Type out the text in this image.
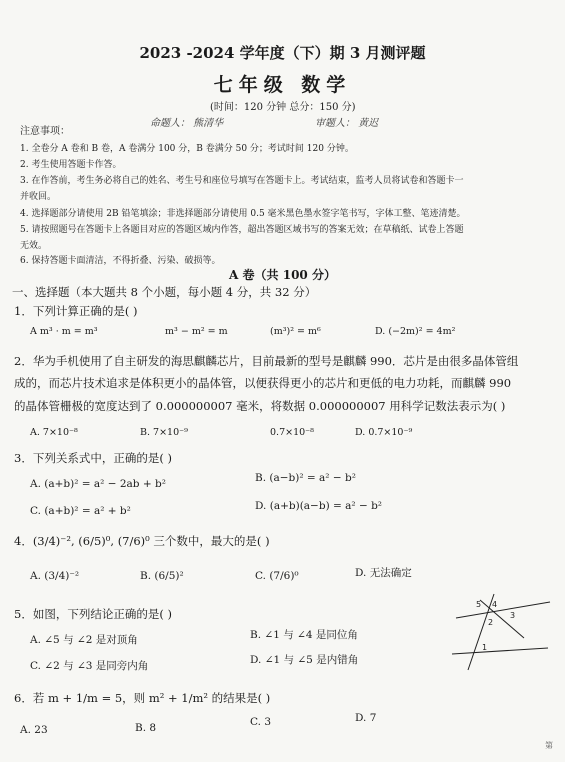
2023 -2024 学年度（下）期 3 月测评题
七年级 数学
(时间：120 分钟 总分：150 分)
命题人： 熊清华	审题人： 黄迟
注意事项：
1. 全卷分 A 卷和 B 卷，A 卷满分 100 分，B 卷满分 50 分；考试时间 120 分钟。
2. 考生使用答题卡作答。
3. 在作答前，考生务必将自己的姓名、考生号和座位号填写在答题卡上。考试结束，监考人员将试卷和答题卡一
并收回。
4. 选择题部分请使用 2B 铅笔填涂；非选择题部分请使用 0.5 毫米黑色墨水签字笔书写，字体工整、笔迹清楚。
5. 请按照题号在答题卡上各题目对应的答题区域内作答，超出答题区域书写的答案无效；在草稿纸、试卷上答题
无效。
6. 保持答题卡面清洁，不得折叠、污染、破损等。
A 卷（共 100 分）
一、选择题（本大题共 8 个小题，每小题 4 分，共 32 分）
1．下列计算正确的是( )
A m³ · m = m³	m³ − m² = m	(m³)² = m⁶	D. (−2m)² = 4m²
2．华为手机使用了自主研发的海思麒麟芯片，目前最新的型号是麒麟 990．芯片是由很多晶体管组
成的，而芯片技术追求是体积更小的晶体管，以便获得更小的芯片和更低的电力功耗，而麒麟 990
的晶体管栅极的宽度达到了 0.000000007 毫米，将数据 0.000000007 用科学记数法表示为( )
A. 7×10⁻⁸	B. 7×10⁻⁹	0.7×10⁻⁸	D. 0.7×10⁻⁹
3．下列关系式中，正确的是( )
A. (a+b)² = a² − 2ab + b²	B. (a−b)² = a² − b²
C. (a+b)² = a² + b²	D. (a+b)(a−b) = a² − b²
4．(3/4)⁻², (6/5)⁰, (7/6)⁰ 三个数中，最大的是( )
A. (3/4)⁻²	B. (6/5)²	C. (7/6)⁰	D. 无法确定
5．如图，下列结论正确的是( )
A. ∠5 与 ∠2 是对顶角	B. ∠1 与 ∠4 是同位角
C. ∠2 与 ∠3 是同旁内角	D. ∠1 与 ∠5 是内错角
5 4
3
2
1
6．若 m + 1/m = 5，则 m² + 1/m² 的结果是( )
A. 23	B. 8	C. 3	D. 7
第
